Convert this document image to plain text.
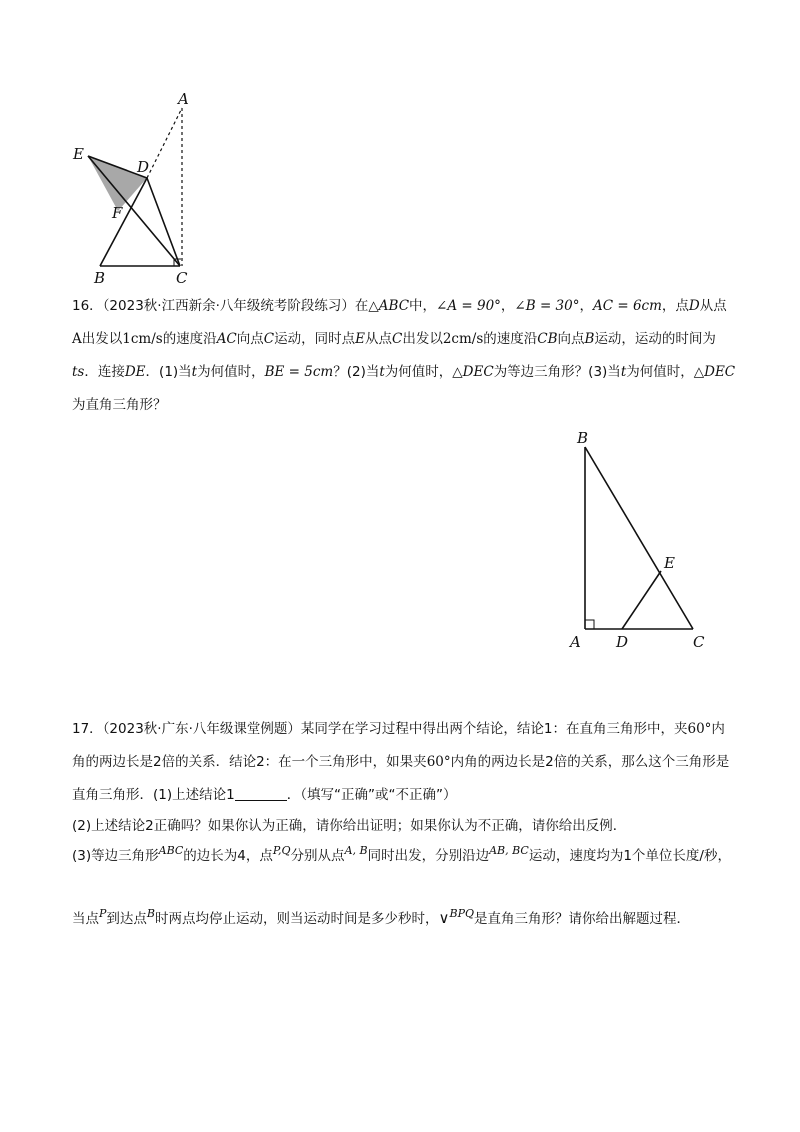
A
E
D
F
B	C
16．（2023秋·江西新余·八年级统考阶段练习）在△ABC中，∠A = 90°，∠B = 30°，AC = 6cm，点D从点A出发以1cm/s的速度沿AC向点C运动，同时点E从点C出发以2cm/s的速度沿CB向点B运动，运动的时间为ts．连接DE．(1)当t为何值时，BE = 5cm？(2)当t为何值时，△DEC为等边三角形？(3)当t为何值时，△DEC为直角三角形？
B
E
A D	C
17．（2023秋·广东·八年级课堂例题）某同学在学习过程中得出两个结论，结论1：在直角三角形中，夹60°内角的两边长是2倍的关系．结论2：在一个三角形中，如果夹60°内角的两边长是2倍的关系，那么这个三角形是直角三角形．(1)上述结论1	．（填写“正确”或“不正确”）
(2)上述结论2正确吗？如果你认为正确，请你给出证明；如果你认为不正确，请你给出反例．
(3)等边三角形$^{ABC}$的边长为4，点$^{P,Q}$分别从点$^{A, B}$同时出发，分别沿边$^{AB, BC}$运动，速度均为1个单位长度/秒，当点$^P$到达点$^B$时两点均停止运动，则当运动时间是多少秒时，∨$^{BPQ}$是直角三角形？请你给出解题过程．
